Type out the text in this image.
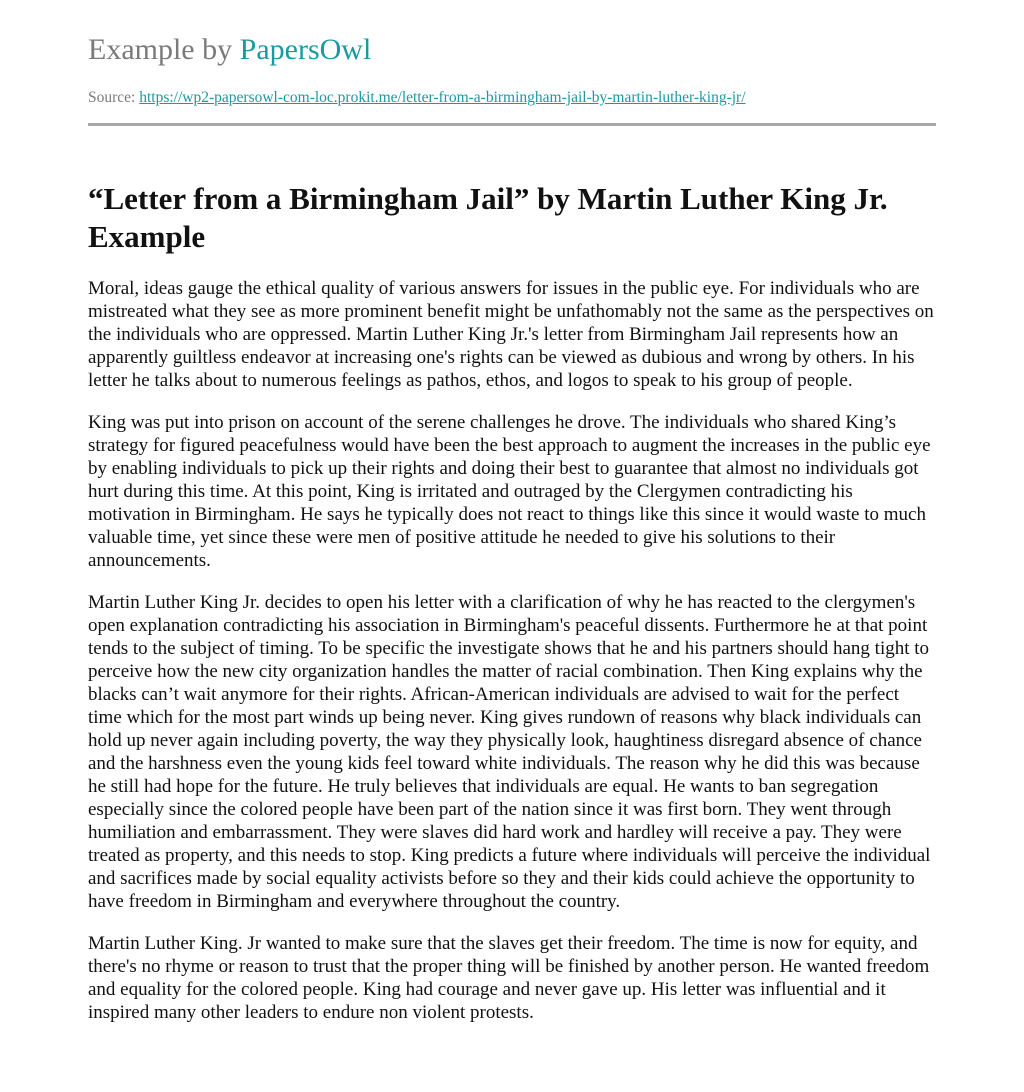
Example by PapersOwl
Source: https://wp2-papersowl-com-loc.prokit.me/letter-from-a-birmingham-jail-by-martin-luther-king-jr/
“Letter from a Birmingham Jail” by Martin Luther King Jr. Example

Moral, ideas gauge the ethical quality of various answers for issues in the public eye. For individuals who are mistreated what they see as more prominent benefit might be unfathomably not the same as the perspectives on the individuals who are oppressed. Martin Luther King Jr.'s letter from Birmingham Jail represents how an apparently guiltless endeavor at increasing one's rights can be viewed as dubious and wrong by others. In his letter he talks about to numerous feelings as pathos, ethos, and logos to speak to his group of people.

King was put into prison on account of the serene challenges he drove. The individuals who shared King’s strategy for figured peacefulness would have been the best approach to augment the increases in the public eye by enabling individuals to pick up their rights and doing their best to guarantee that almost no individuals got hurt during this time. At this point, King is irritated and outraged by the Clergymen contradicting his motivation in Birmingham. He says he typically does not react to things like this since it would waste to much valuable time, yet since these were men of positive attitude he needed to give his solutions to their announcements.

Martin Luther King Jr. decides to open his letter with a clarification of why he has reacted to the clergymen's open explanation contradicting his association in Birmingham's peaceful dissents. Furthermore he at that point tends to the subject of timing. To be specific the investigate shows that he and his partners should hang tight to perceive how the new city organization handles the matter of racial combination. Then King explains why the blacks can’t wait anymore for their rights. African-American individuals are advised to wait for the perfect time which for the most part winds up being never. King gives rundown of reasons why black individuals can hold up never again including poverty, the way they physically look, haughtiness disregard absence of chance and the harshness even the young kids feel toward white individuals. The reason why he did this was because he still had hope for the future. He truly believes that individuals are equal. He wants to ban segregation especially since the colored people have been part of the nation since it was first born. They went through humiliation and embarrassment. They were slaves did hard work and hardley will receive a pay. They were treated as property, and this needs to stop. King predicts a future where individuals will perceive the individual and sacrifices made by social equality activists before so they and their kids could achieve the opportunity to have freedom in Birmingham and everywhere throughout the country.

Martin Luther King. Jr wanted to make sure that the slaves get their freedom. The time is now for equity, and there's no rhyme or reason to trust that the proper thing will be finished by another person. He wanted freedom and equality for the colored people. King had courage and never gave up. His letter was influential and it inspired many other leaders to endure non violent protests.
